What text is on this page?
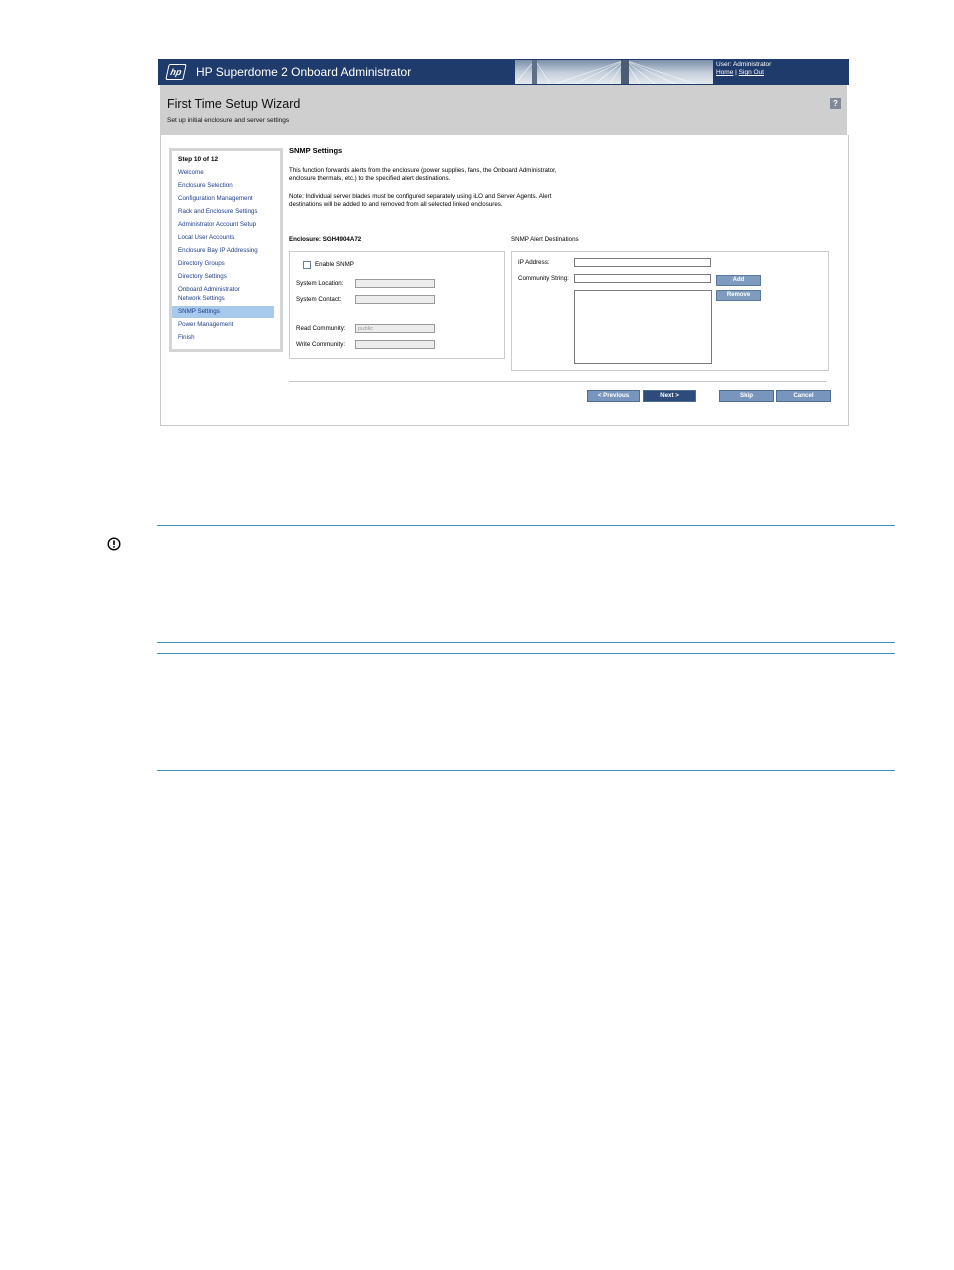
hp	HP Superdome 2 Onboard Administrator
User: Administrator
Home | Sign Out
First Time Setup Wizard
Set up initial enclosure and server settings
?
Step 10 of 12
Welcome
Enclosure Selection
Configuration Management
Rack and Enclosure Settings
Administrator Account Setup
Local User Accounts
Enclosure Bay IP Addressing
Directory Groups
Directory Settings
Onboard Administrator
Network Settings
SNMP Settings
Power Management
Finish
SNMP Settings
This function forwards alerts from the enclosure (power supplies, fans, the Onboard Administrator,
enclosure thermals, etc.) to the specified alert destinations.
Note: Individual server blades must be configured separately using iLO and Server Agents. Alert
destinations will be added to and removed from all selected linked enclosures.
Enclosure: SGH4904A72	SNMP Alert Destinations
Enable SNMP
System Location:
System Contact:
Read Community:	public
Write Community:
IP Address:
Community String:	Add
Remove
< Previous	Next >	Skip	Cancel
